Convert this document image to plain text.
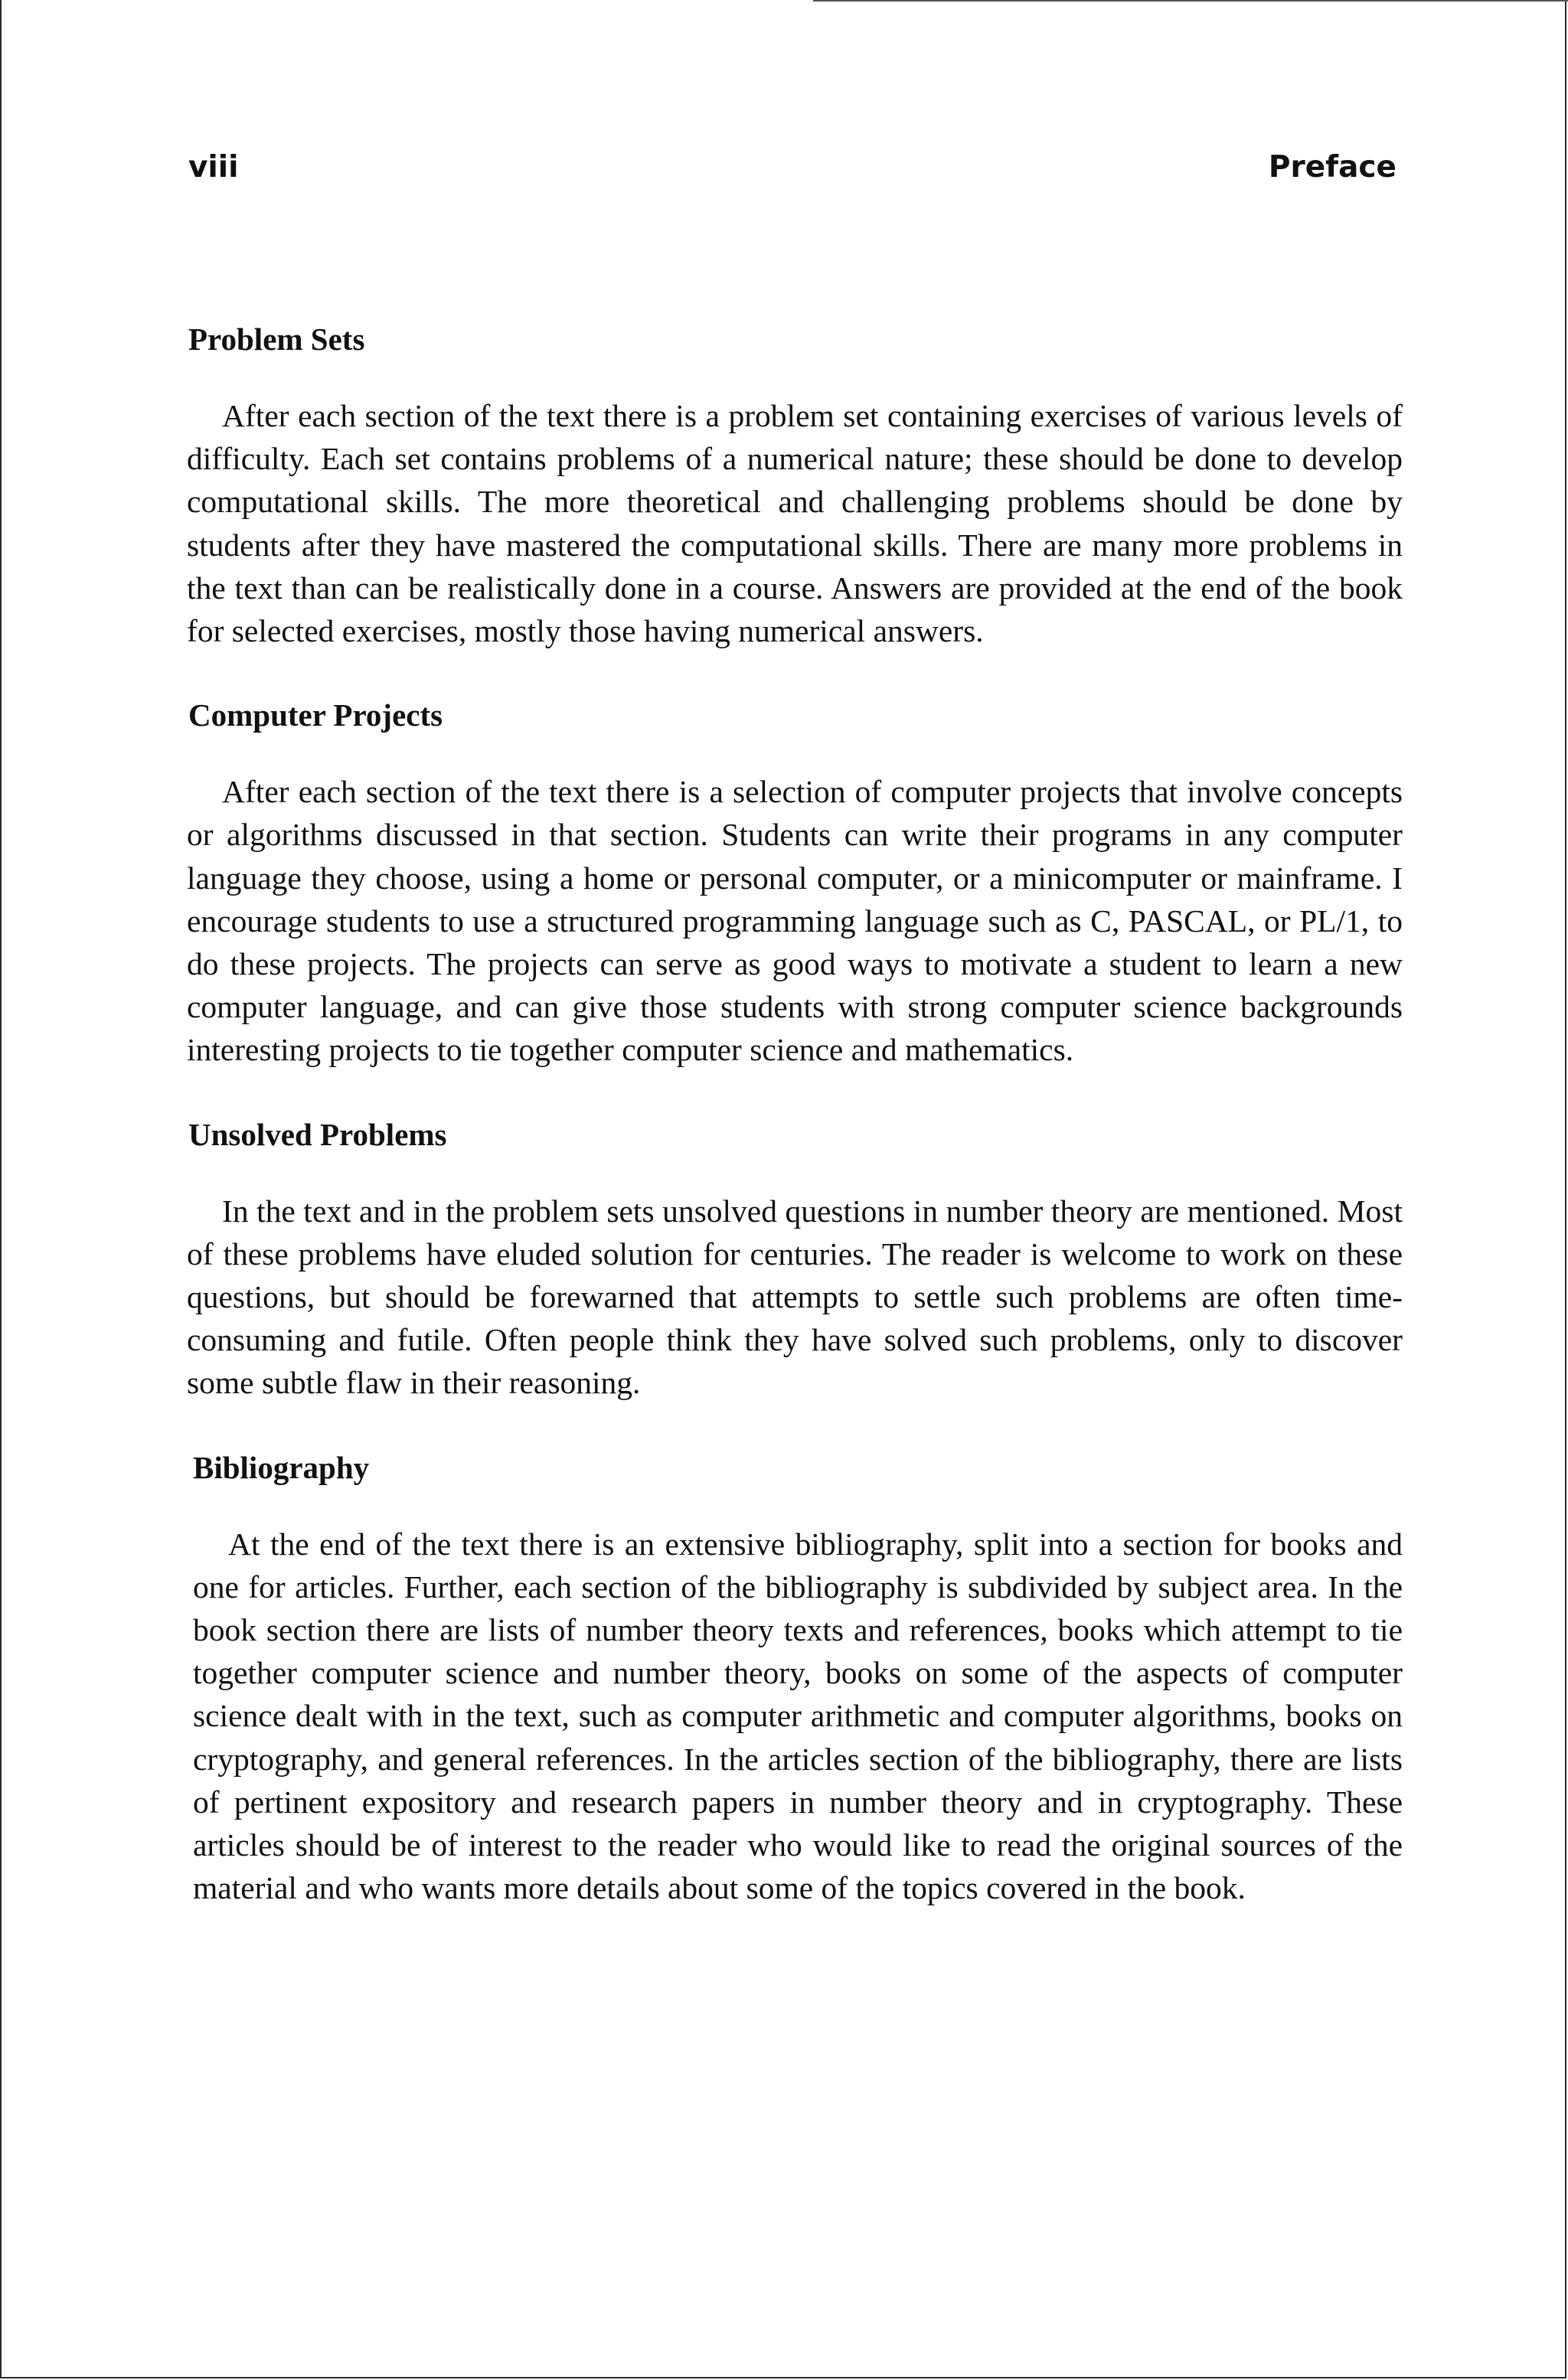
viii	Preface
Problem Sets

After each section of the text there is a problem set containing exercises of various levels of difficulty. Each set contains problems of a numerical nature; these should be done to develop computational skills. The more theoretical and challenging problems should be done by students after they have mastered the computational skills. There are many more problems in the text than can be realistically done in a course. Answers are provided at the end of the book for selected exercises, mostly those having numerical answers.

Computer Projects

After each section of the text there is a selection of computer projects that involve concepts or algorithms discussed in that section. Students can write their programs in any computer language they choose, using a home or personal computer, or a minicomputer or mainframe. I encourage students to use a structured programming language such as C, PASCAL, or PL/1, to do these projects. The projects can serve as good ways to motivate a student to learn a new computer language, and can give those students with strong computer science backgrounds interesting projects to tie together computer science and mathematics.

Unsolved Problems

In the text and in the problem sets unsolved questions in number theory are mentioned. Most of these problems have eluded solution for centuries. The reader is welcome to work on these questions, but should be forewarned that attempts to settle such problems are often time-consuming and futile. Often people think they have solved such problems, only to discover some subtle flaw in their reasoning.

Bibliography

At the end of the text there is an extensive bibliography, split into a section for books and one for articles. Further, each section of the bibliography is subdivided by subject area. In the book section there are lists of number theory texts and references, books which attempt to tie together computer science and number theory, books on some of the aspects of computer science dealt with in the text, such as computer arithmetic and computer algorithms, books on cryptography, and general references. In the articles section of the bibliography, there are lists of pertinent expository and research papers in number theory and in cryptography. These articles should be of interest to the reader who would like to read the original sources of the material and who wants more details about some of the topics covered in the book.
